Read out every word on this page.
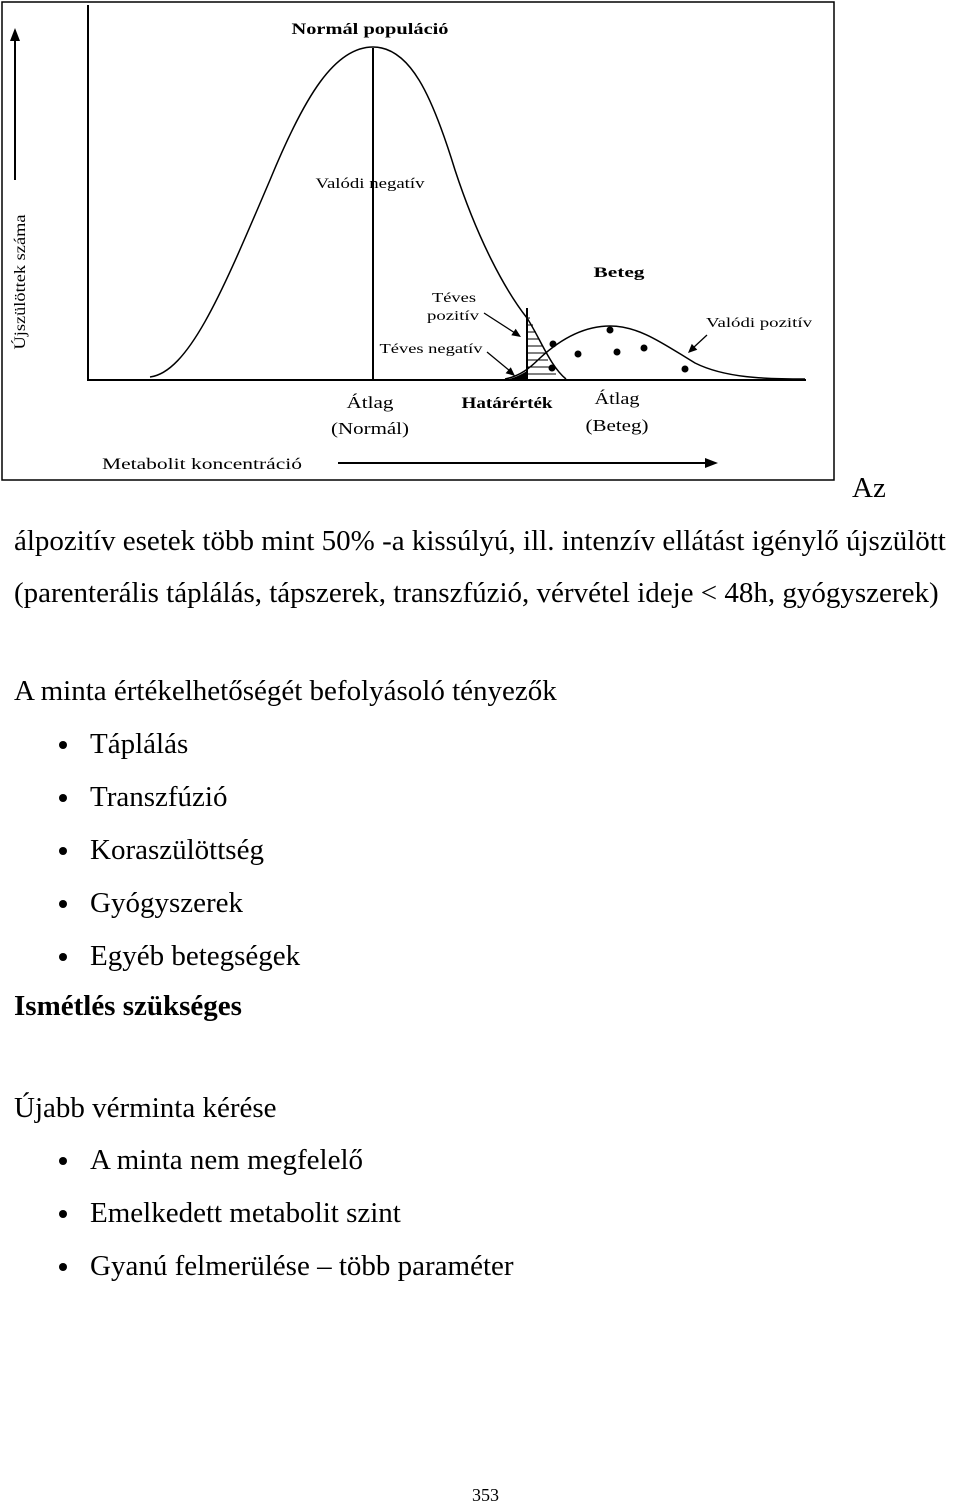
Újszülöttek száma
Normál populáció
Valódi negatív
Téves
pozitív
Téves negatív
Beteg
Valódi pozitív
Átlag
(Normál)
Határérték Átlag
(Beteg)
Metabolit koncentráció
Az
álpozitív esetek több mint 50% -a kissúlyú, ill. intenzív ellátást igénylő újszülött
(parenterális táplálás, tápszerek, transzfúzió, vérvétel ideje < 48h, gyógyszerek)
A minta értékelhetőségét befolyásoló tényezők
Táplálás
Transzfúzió
Koraszülöttség
Gyógyszerek
Egyéb betegségek
Ismétlés szükséges
Újabb vérminta kérése
A minta nem megfelelő
Emelkedett metabolit szint
Gyanú felmerülése – több paraméter
353
